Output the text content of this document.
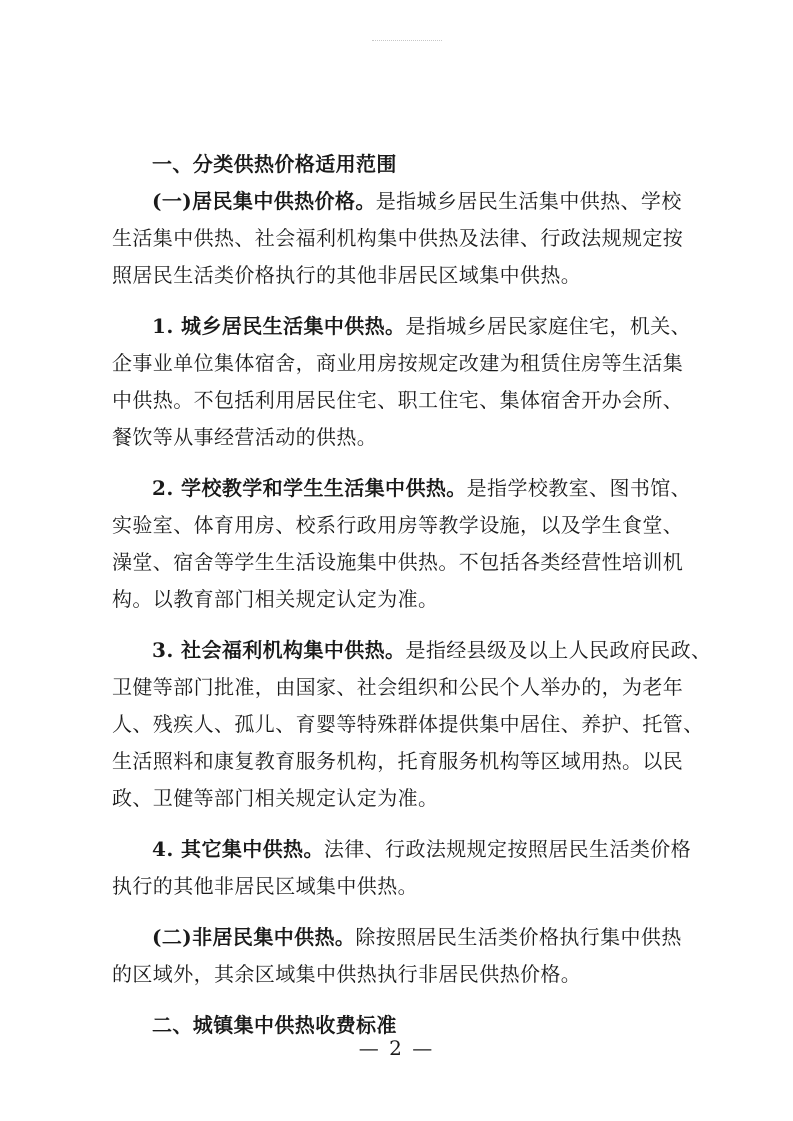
一、分类供热价格适用范围
(一)居民集中供热价格。是指城乡居民生活集中供热、学校
生活集中供热、社会福利机构集中供热及法律、行政法规规定按
照居民生活类价格执行的其他非居民区域集中供热。
1. 城乡居民生活集中供热。是指城乡居民家庭住宅，机关、
企事业单位集体宿舍，商业用房按规定改建为租赁住房等生活集
中供热。不包括利用居民住宅、职工住宅、集体宿舍开办会所、
餐饮等从事经营活动的供热。
2. 学校教学和学生生活集中供热。是指学校教室、图书馆、
实验室、体育用房、校系行政用房等教学设施，以及学生食堂、
澡堂、宿舍等学生生活设施集中供热。不包括各类经营性培训机
构。以教育部门相关规定认定为准。
3. 社会福利机构集中供热。是指经县级及以上人民政府民政、
卫健等部门批准，由国家、社会组织和公民个人举办的，为老年
人、残疾人、孤儿、育婴等特殊群体提供集中居住、养护、托管、
生活照料和康复教育服务机构，托育服务机构等区域用热。以民
政、卫健等部门相关规定认定为准。
4. 其它集中供热。法律、行政法规规定按照居民生活类价格
执行的其他非居民区域集中供热。
(二)非居民集中供热。除按照居民生活类价格执行集中供热
的区域外，其余区域集中供热执行非居民供热价格。
二、城镇集中供热收费标准
— 2 —
